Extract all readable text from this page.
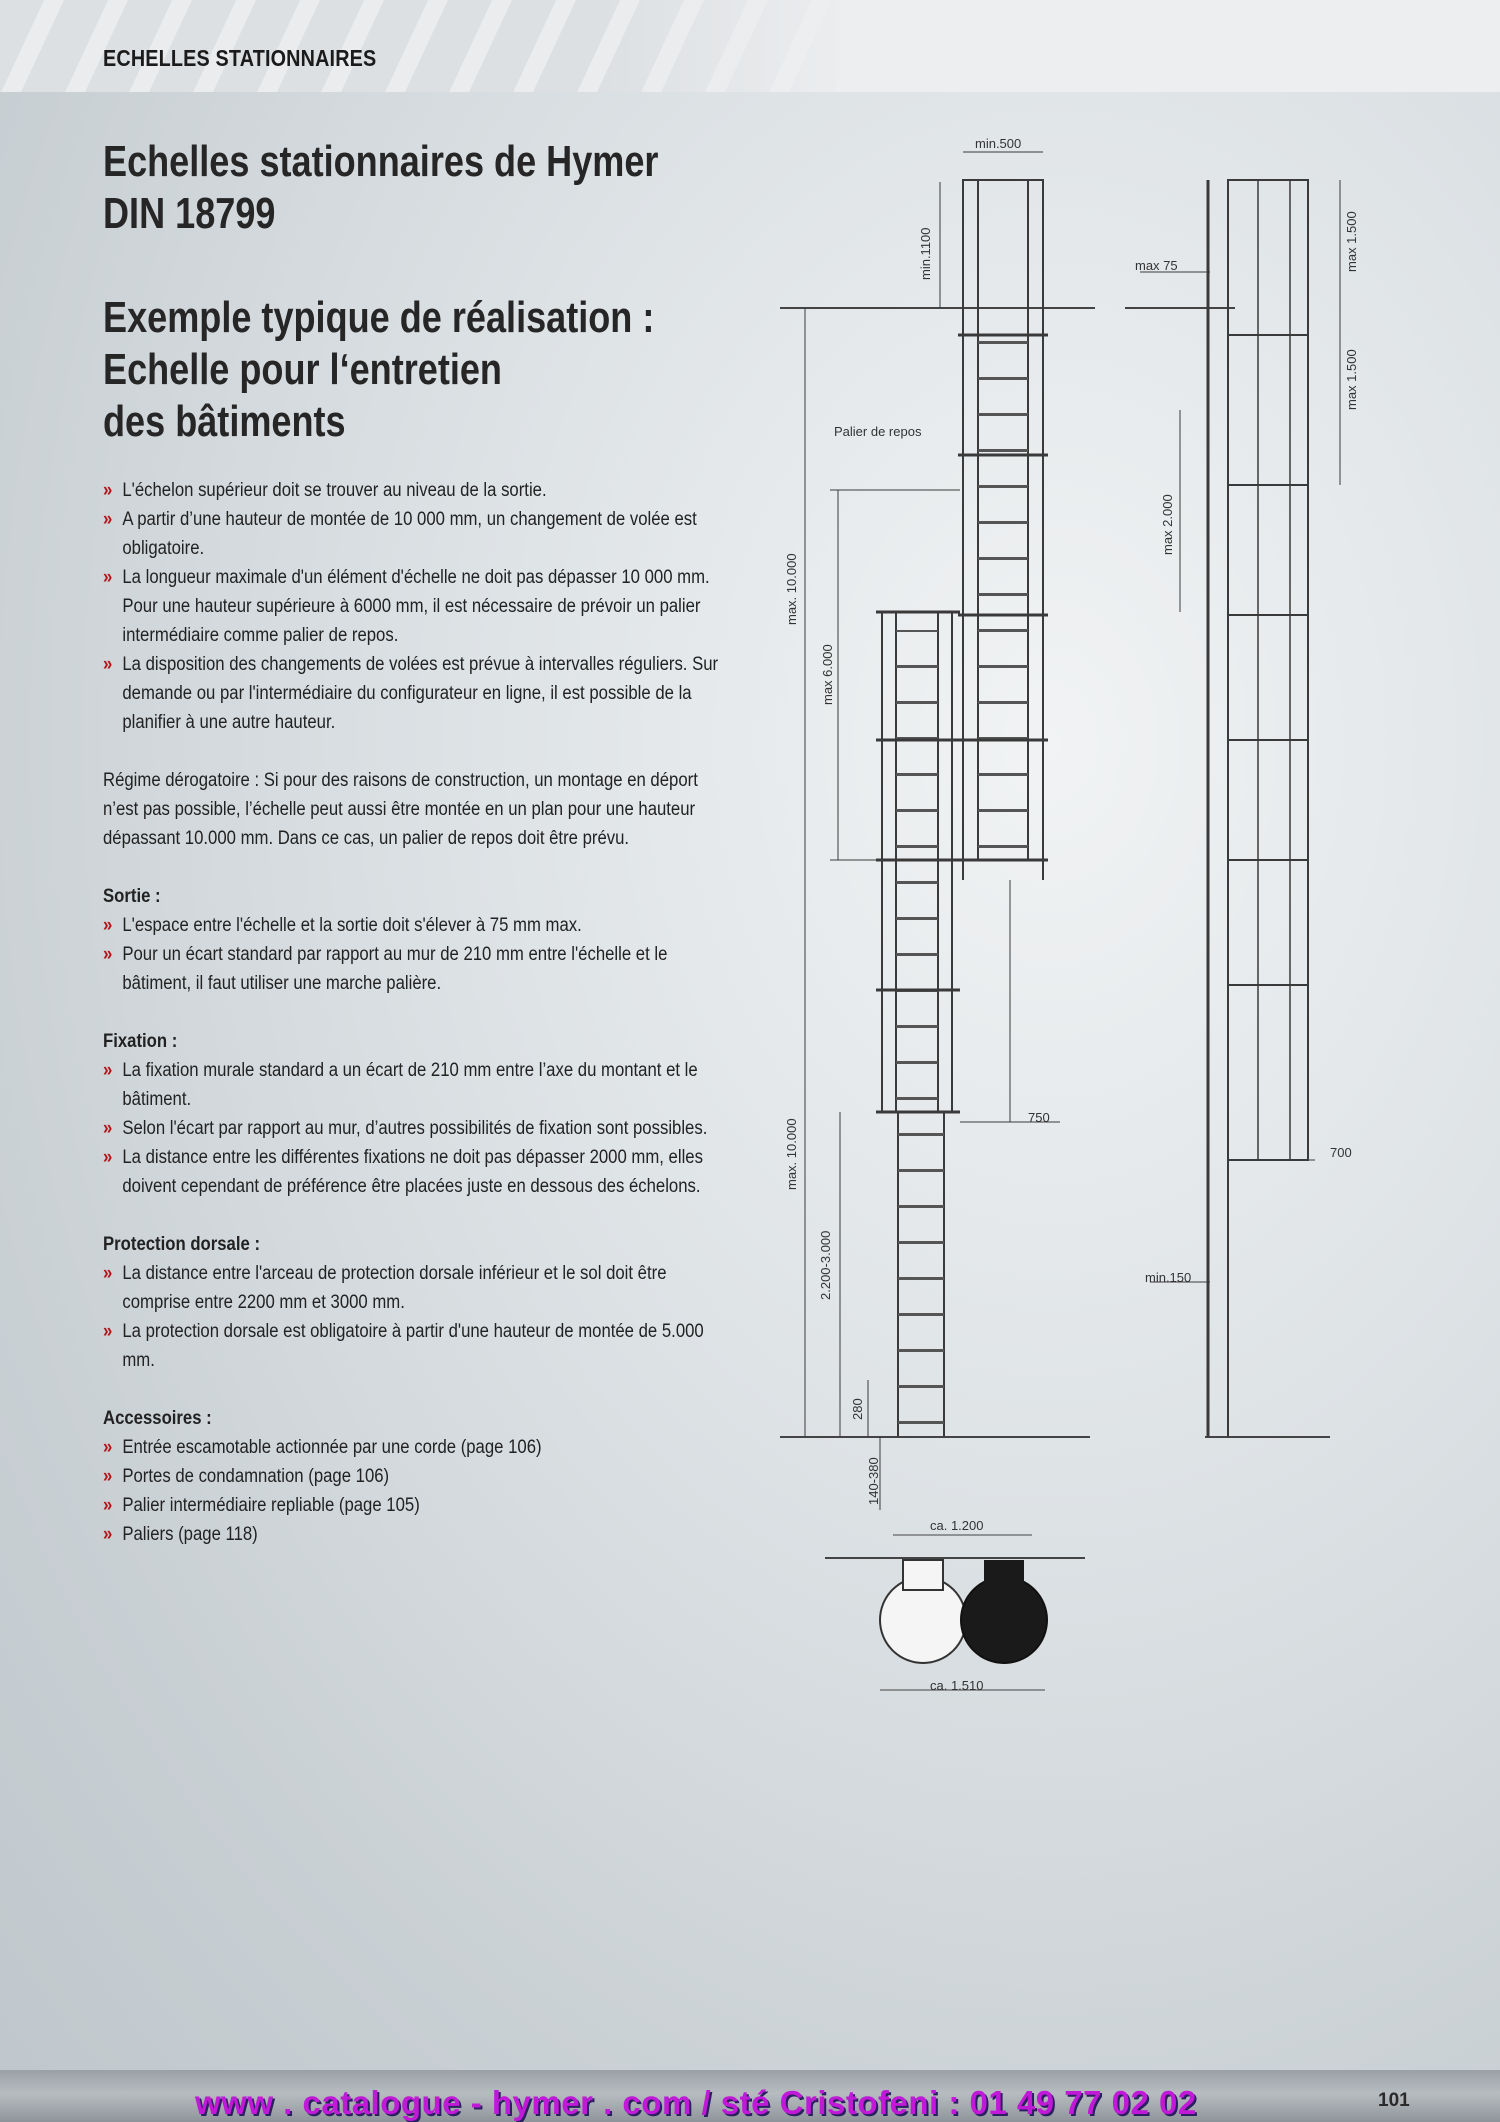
ECHELLES STATIONNAIRES
Echelles stationnaires de Hymer
DIN 18799
Exemple typique de réalisation :
Echelle pour l‘entretien
des bâtiments
» L'échelon supérieur doit se trouver au niveau de la sortie.
» A partir d’une hauteur de montée de 10 000 mm, un changement de volée est obligatoire.
» La longueur maximale d'un élément d'échelle ne doit pas dépasser 10 000 mm. Pour une hauteur supérieure à 6000 mm, il est nécessaire de prévoir un palier intermédiaire comme palier de repos.
» La disposition des changements de volées est prévue à intervalles réguliers. Sur demande ou par l'intermédiaire du configurateur en ligne, il est possible de la planifier à une autre hauteur.
Régime dérogatoire : Si pour des raisons de construction, un montage en déport n’est pas possible, l’échelle peut aussi être montée en un plan pour une hauteur dépassant 10.000 mm. Dans ce cas, un palier de repos doit être prévu.
Sortie :
» L'espace entre l'échelle et la sortie doit s'élever à 75 mm max.
» Pour un écart standard par rapport au mur de 210 mm entre l'échelle et le bâtiment, il faut utiliser une marche palière.
Fixation :
» La fixation murale standard a un écart de 210 mm entre l’axe du montant et le bâtiment.
» Selon l'écart par rapport au mur, d’autres possibilités de fixation sont possibles.
» La distance entre les différentes fixations ne doit pas dépasser 2000 mm, elles doivent cependant de préférence être placées juste en dessous des échelons.
Protection dorsale :
» La distance entre l'arceau de protection dorsale inférieur et le sol doit être comprise entre 2200 mm et 3000 mm.
» La protection dorsale est obligatoire à partir d'une hauteur de montée de 5.000 mm.
Accessoires :
» Entrée escamotable actionnée par une corde (page 106)
» Portes de condamnation (page 106)
» Palier intermédiaire repliable (page 105)
» Paliers (page 118)
min.500
min.1100	max 75	max 1.500
max 1.500
Palier de repos
max 2.000
max. 10.000
max 6.000
750
700
max. 10.000
min.150
2.200-3.000
280
140-380
ca. 1.200
ca. 1.510
www . catalogue - hymer . com / sté Cristofeni : 01 49 77 02 02	101
